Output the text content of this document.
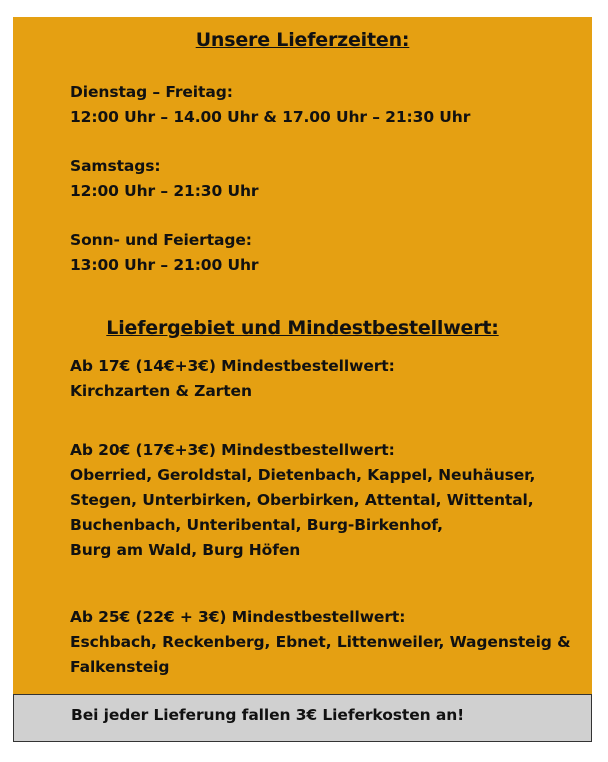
Unsere Lieferzeiten:
Dienstag – Freitag:
12:00 Uhr – 14.00 Uhr & 17.00 Uhr – 21:30 Uhr
Samstags:
12:00 Uhr – 21:30 Uhr
Sonn- und Feiertage:
13:00 Uhr – 21:00 Uhr
Liefergebiet und Mindestbestellwert:
Ab 17€ (14€+3€) Mindestbestellwert:
Kirchzarten & Zarten
Ab 20€ (17€+3€) Mindestbestellwert:
Oberried, Geroldstal, Dietenbach, Kappel, Neuhäuser,
Stegen, Unterbirken, Oberbirken, Attental, Wittental,
Buchenbach, Unteribental, Burg-Birkenhof,
Burg am Wald, Burg Höfen
Ab 25€ (22€ + 3€) Mindestbestellwert:
Eschbach, Reckenberg, Ebnet, Littenweiler, Wagensteig &
Falkensteig
Bei jeder Lieferung fallen 3€ Lieferkosten an!
